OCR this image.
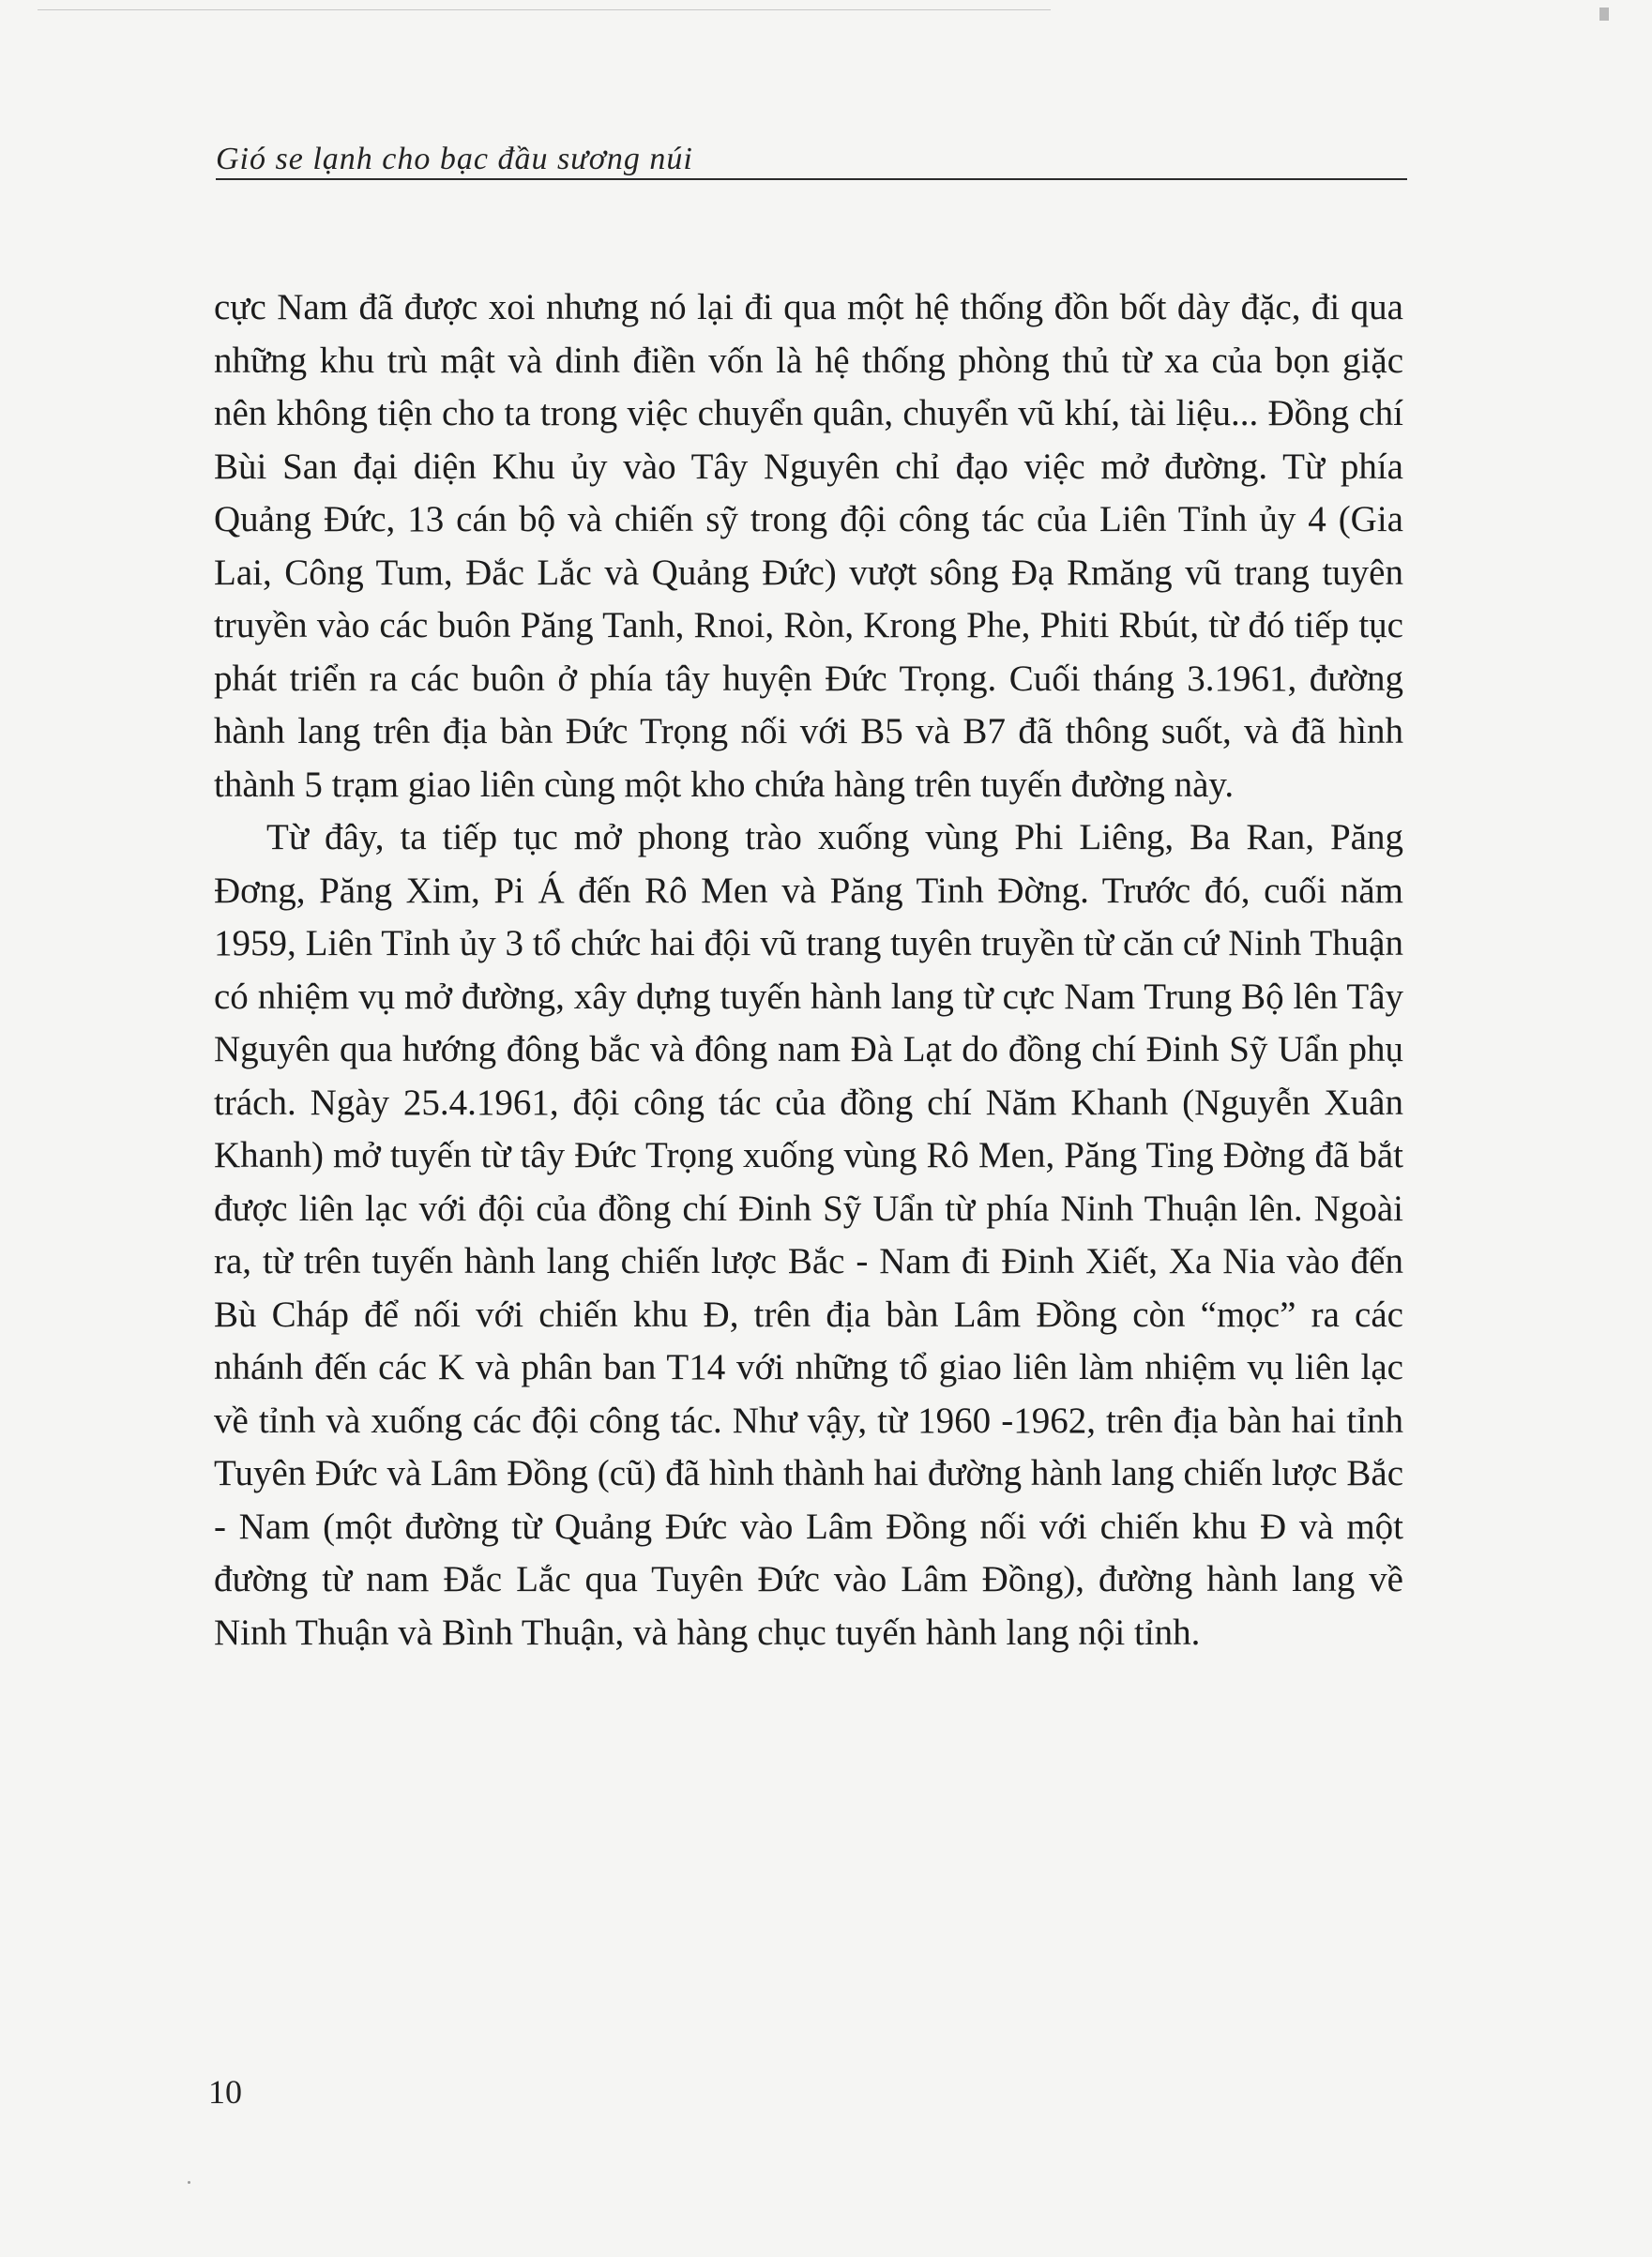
Gió se lạnh cho bạc đầu sương núi

cực Nam đã được xoi nhưng nó lại đi qua một hệ thống đồn bốt dày đặc, đi qua những khu trù mật và dinh điền vốn là hệ thống phòng thủ từ xa của bọn giặc nên không tiện cho ta trong việc chuyển quân, chuyển vũ khí, tài liệu... Đồng chí Bùi San đại diện Khu ủy vào Tây Nguyên chỉ đạo việc mở đường. Từ phía Quảng Đức, 13 cán bộ và chiến sỹ trong đội công tác của Liên Tỉnh ủy 4 (Gia Lai, Công Tum, Đắc Lắc và Quảng Đức) vượt sông Đạ Rmăng vũ trang tuyên truyền vào các buôn Păng Tanh, Rnoi, Ròn, Krong Phe, Phiti Rbút, từ đó tiếp tục phát triển ra các buôn ở phía tây huyện Đức Trọng. Cuối tháng 3.1961, đường hành lang trên địa bàn Đức Trọng nối với B5 và B7 đã thông suốt, và đã hình thành 5 trạm giao liên cùng một kho chứa hàng trên tuyến đường này.

Từ đây, ta tiếp tục mở phong trào xuống vùng Phi Liêng, Ba Ran, Păng Đơng, Păng Xim, Pi Á đến Rô Men và Păng Tinh Đờng. Trước đó, cuối năm 1959, Liên Tỉnh ủy 3 tổ chức hai đội vũ trang tuyên truyền từ căn cứ Ninh Thuận có nhiệm vụ mở đường, xây dựng tuyến hành lang từ cực Nam Trung Bộ lên Tây Nguyên qua hướng đông bắc và đông nam Đà Lạt do đồng chí Đinh Sỹ Uẩn phụ trách. Ngày 25.4.1961, đội công tác của đồng chí Năm Khanh (Nguyễn Xuân Khanh) mở tuyến từ tây Đức Trọng xuống vùng Rô Men, Păng Ting Đờng đã bắt được liên lạc với đội của đồng chí Đinh Sỹ Uẩn từ phía Ninh Thuận lên. Ngoài ra, từ trên tuyến hành lang chiến lược Bắc - Nam đi Đinh Xiết, Xa Nia vào đến Bù Cháp để nối với chiến khu Đ, trên địa bàn Lâm Đồng còn “mọc” ra các nhánh đến các K và phân ban T14 với những tổ giao liên làm nhiệm vụ liên lạc về tỉnh và xuống các đội công tác. Như vậy, từ 1960 -1962, trên địa bàn hai tỉnh Tuyên Đức và Lâm Đồng (cũ) đã hình thành hai đường hành lang chiến lược Bắc - Nam (một đường từ Quảng Đức vào Lâm Đồng nối với chiến khu Đ và một đường từ nam Đắc Lắc qua Tuyên Đức vào Lâm Đồng), đường hành lang về Ninh Thuận và Bình Thuận, và hàng chục tuyến hành lang nội tỉnh.

10
